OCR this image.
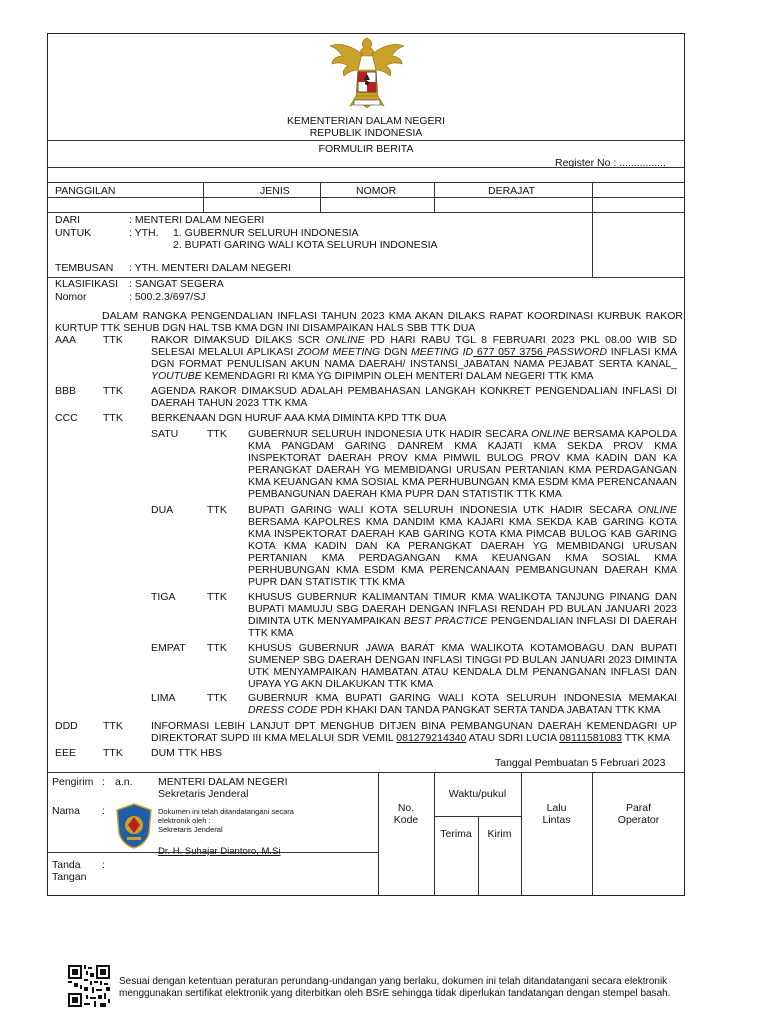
KEMENTERIAN DALAM NEGERI
REPUBLIK INDONESIA
FORMULIR BERITA
Register No : ................
PANGGILAN	JENIS	NOMOR	DERAJAT
DARI	: MENTERI DALAM NEGERI
UNTUK	: YTH. 1. GUBERNUR SELURUH INDONESIA
2. BUPATI GARING WALI KOTA SELURUH INDONESIA
TEMBUSAN : YTH. MENTERI DALAM NEGERI
KLASIFIKASI : SANGAT SEGERA
Nomor	: 500.2.3/697/SJ
DALAM RANGKA PENGENDALIAN INFLASI TAHUN 2023 KMA AKAN DILAKS RAPAT KOORDINASI KURBUK RAKOR
KURTUP TTK SEHUB DGN HAL TSB KMA DGN INI DISAMPAIKAN HALS SBB TTK DUA
AAA	TTK	RAKOR DIMAKSUD DILAKS SCR ONLINE PD HARI RABU TGL 8 FEBRUARI 2023 PKL 08.00 WIB SD
SELESAI MELALUI APLIKASI ZOOM MEETING DGN MEETING ID 677 057 3756 PASSWORD INFLASI KMA
DGN FORMAT PENULISAN AKUN NAMA DAERAH/ INSTANSI_JABATAN NAMA PEJABAT SERTA KANAL_
YOUTUBE KEMENDAGRI RI KMA YG DIPIMPIN OLEH MENTERI DALAM NEGERI TTK KMA
BBB	TTK	AGENDA RAKOR DIMAKSUD ADALAH PEMBAHASAN LANGKAH KONKRET PENGENDALIAN INFLASI DI
DAERAH TAHUN 2023 TTK KMA
CCC TTK	BERKENAAN DGN HURUF AAA KMA DIMINTA KPD TTK DUA
SATU	TTK GUBERNUR SELURUH INDONESIA UTK HADIR SECARA ONLINE BERSAMA KAPOLDA
KMA PANGDAM GARING DANREM KMA KAJATI KMA SEKDA PROV KMA
INSPEKTORAT DAERAH PROV KMA PIMWIL BULOG PROV KMA KADIN DAN KA
PERANGKAT DAERAH YG MEMBIDANGI URUSAN PERTANIAN KMA PERDAGANGAN
KMA KEUANGAN KMA SOSIAL KMA PERHUBUNGAN KMA ESDM KMA PERENCANAAN
PEMBANGUNAN DAERAH KMA PUPR DAN STATISTIK TTK KMA
DUA	TTK BUPATI GARING WALI KOTA SELURUH INDONESIA UTK HADIR SECARA ONLINE
BERSAMA KAPOLRES KMA DANDIM KMA KAJARI KMA SEKDA KAB GARING KOTA
KMA INSPEKTORAT DAERAH KAB GARING KOTA KMA PIMCAB BULOG KAB GARING
KOTA KMA KADIN DAN KA PERANGKAT DAERAH YG MEMBIDANGI URUSAN
PERTANIAN KMA PERDAGANGAN KMA KEUANGAN KMA SOSIAL KMA
PERHUBUNGAN KMA ESDM KMA PERENCANAAN PEMBANGUNAN DAERAH KMA
PUPR DAN STATISTIK TTK KMA
TIGA	TTK KHUSUS GUBERNUR KALIMANTAN TIMUR KMA WALIKOTA TANJUNG PINANG DAN
BUPATI MAMUJU SBG DAERAH DENGAN INFLASI RENDAH PD BULAN JANUARI 2023
DIMINTA UTK MENYAMPAIKAN BEST PRACTICE PENGENDALIAN INFLASI DI DAERAH
TTK KMA
EMPAT TTK KHUSUS GUBERNUR JAWA BARAT KMA WALIKOTA KOTAMOBAGU DAN BUPATI
SUMENEP SBG DAERAH DENGAN INFLASI TINGGI PD BULAN JANUARI 2023 DIMINTA
UTK MENYAMPAIKAN HAMBATAN ATAU KENDALA DLM PENANGANAN INFLASI DAN
UPAYA YG AKN DILAKUKAN TTK KMA
LIMA	TTK GUBERNUR KMA BUPATI GARING WALI KOTA SELURUH INDONESIA MEMAKAI
DRESS CODE PDH KHAKI DAN TANDA PANGKAT SERTA TANDA JABATAN TTK KMA
DDD TTK	INFORMASI LEBIH LANJUT DPT MENGHUB DITJEN BINA PEMBANGUNAN DAERAH KEMENDAGRI UP
DIREKTORAT SUPD III KMA MELALUI SDR VEMIL 081279214340 ATAU SDRI LUCIA 08111581083 TTK KMA
EEE	TTK	DUM TTK HBS
Tanggal Pembuatan 5 Februari 2023
Pengirim : a.n. MENTERI DALAM NEGERI
Sekretaris Jenderal
Nama :	Dokumen ini telah ditandatangani secara
elektronik oleh :
Sekretaris Jenderal
Dr. H. Suhajar Diantoro, M.Si
Tanda :
Tangan
No.
Kode
Waktu/pukul
Terima	Kirim
Lalu
Lintas
Paraf
Operator
Sesuai dengan ketentuan peraturan perundang-undangan yang berlaku, dokumen ini telah ditandatangani secara elektronik
menggunakan sertifikat elektronik yang diterbitkan oleh BSrE sehingga tidak diperlukan tandatangan dengan stempel basah.
